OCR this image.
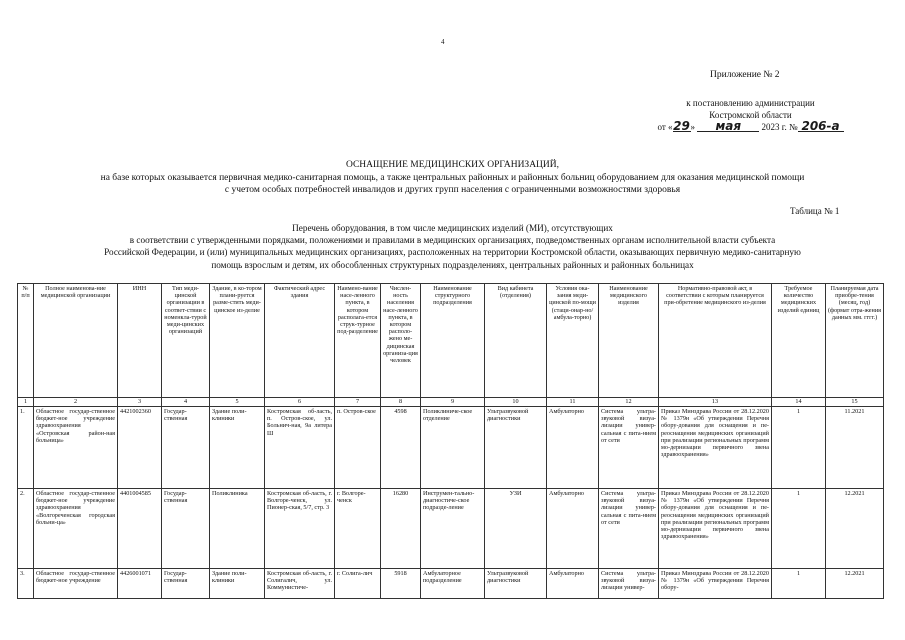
4
Приложение № 2
к постановлению администрации
Костромской области
от «29» мая 2023 г. № 206-а
ОСНАЩЕНИЕ МЕДИЦИНСКИХ ОРГАНИЗАЦИЙ,
на базе которых оказывается первичная медико-санитарная помощь, а также центральных районных и районных больниц оборудованием для оказания медицинской помощи
с учетом особых потребностей инвалидов и других групп населения с ограниченными возможностями здоровья
Таблица № 1
Перечень оборудования, в том числе медицинских изделий (МИ), отсутствующих
в соответствии с утвержденными порядками, положениями и правилами в медицинских организациях, подведомственных органам исполнительной власти субъекта
Российской Федерации, и (или) муниципальных медицинских организациях, расположенных на территории Костромской области, оказывающих первичную медико-санитарную
помощь взрослым и детям, их обособленных структурных подразделениях, центральных районных и районных больницах
№ п/п	Полное наименова-ние медицинской организации	ИНН	Тип меди-цинской организации в соответ-ствии с номенкла-турой меди-цинских организаций	Здание, в ко-тором плани-руется разме-стить меди-цинское из-делие	Фактический адрес здания	Наимено-вание насе-ленного пункта, в котором располага-ется струк-турное под-разделение	Числен-ность населения насе-ленного пункта, в котором располо-жено ме-дицинская организа-ция человек	Наименование структурного подразделения	Вид кабинета (отделения)	Условия ока-зания меди-цинской по-мощи (стаци-онар-но/амбула-торно)	Наименование медицинского изделия	Нормативно-правовой акт, в соответствии с которым планируется при-обретение медицинского из-делия	Требуемое количество медицинских изделий единиц	Планируемая дата приобре-тения (месяц, год) (формат отра-жения данных мм. гггг.)
1	2	3	4	5	6	7	8	9	10	11	12	13	14	15
1.	Областное государ-ственное бюджет-ное учреждение здравоохранения «Островская район-ная больница»	4421002360	Государ-ственная	Здание поли-клиники	Костромская об-ласть, п. Остров-ское, ул. Больнич-ная, 9а литера Ш	п. Остров-ское	4598	Поликлиниче-ское отделение	Ультразвуковой диагностики	Амбулаторно	Система ультра-звуковой визуа-лизации универ-сальная с пита-нием от сети	Приказ Минздрава России от 28.12.2020 № 1379н «Об утверждении Перечня обору-дования для оснащения и пе-реоснащения медицинских организаций при реализации региональных программ мо-дернизации первичного звена здравоохранения»	1	11.2021
2.	Областное государ-ственное бюджет-ное учреждение здравоохранения «Волгореченская городская больни-ца»	4401004585	Государ-ственная	Поликлиника	Костромская об-ласть, г. Волгоре-ченск, ул. Пионер-ская, 5/7, стр. 3	г. Волгоре-ченск	16280	Инструмен-тально-диагностиче-ское подразде-ление	УЗИ	Амбулаторно	Система ультра-звуковой визуа-лизации универ-сальная с пита-нием от сети	Приказ Минздрава России от 28.12.2020 № 1379н «Об утверждении Перечня обору-дования для оснащения и пе-реоснащения медицинских организаций при реализации региональных программ мо-дернизации первичного звена здравоохранения»	1	12.2021
3.	Областное государ-ственное бюджет-ное учреждение	4426001071	Государ-ственная	Здание поли-клиники	Костромская об-ласть, г. Солигалич, ул. Коммунистиче-	г. Солига-лич	5918	Амбулаторное подразделение	Ультразвуковой диагностики	Амбулаторно	Система ультра-звуковой визуа-лизации универ-	Приказ Минздрава России от 28.12.2020 № 1379н «Об утверждении Перечня обору-	1	12.2021
